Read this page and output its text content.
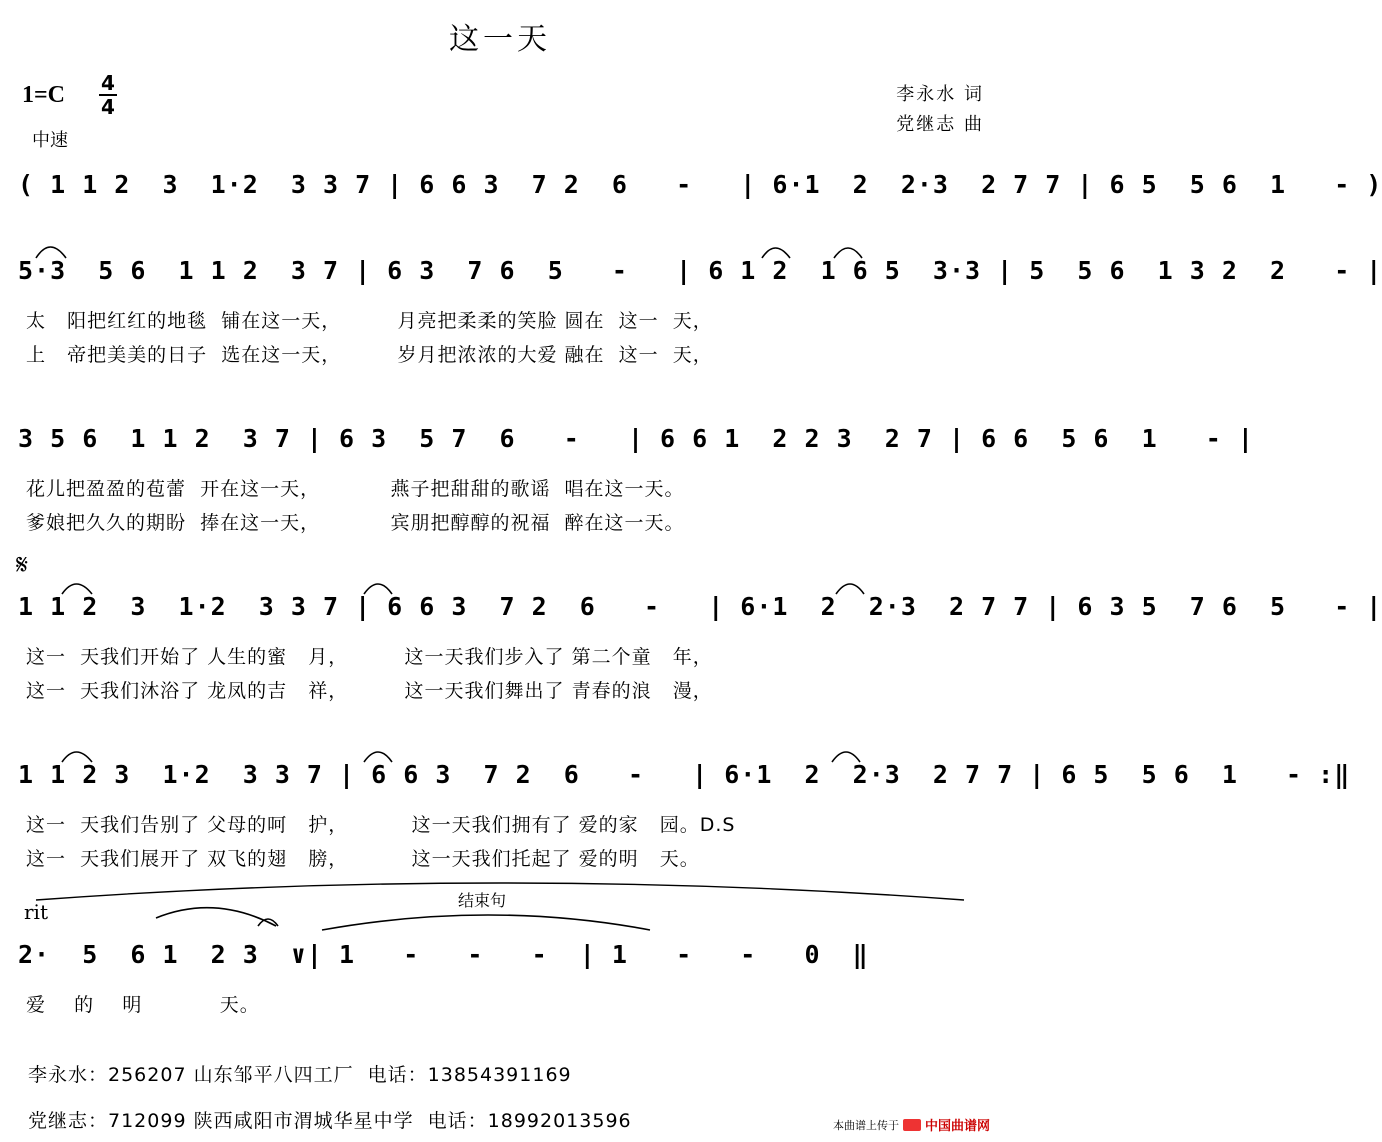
这一天
1=C 4
4
中速
李永水 词
党继志 曲
( 1 1 2  3  1·2  3 3 7 | 6 6 3  7 2  6   -   | 6·1  2  2·3  2 7 7 | 6 5  5 6  1   - )
5·3  5 6  1 1 2  3 7 | 6 3  7 6  5   -   | 6 1 2  1 6 5  3·3 | 5  5 6  1 3 2  2   - |
太   阳把红红的地毯  铺在这一天，        月亮把柔柔的笑脸 圆在  这一  天，
上   帝把美美的日子  选在这一天，        岁月把浓浓的大爱 融在  这一  天，
3 5 6  1 1 2  3 7 | 6 3  5 7  6   -   | 6 6 1  2 2 3  2 7 | 6 6  5 6  1   - |
花儿把盈盈的苞蕾  开在这一天，          燕子把甜甜的歌谣  唱在这一天。
爹娘把久久的期盼  捧在这一天，          宾朋把醇醇的祝福  醉在这一天。
𝄋
1 1 2  3  1·2  3 3 7 | 6 6 3  7 2  6   -   | 6·1  2  2·3  2 7 7 | 6 3 5  7 6  5   - |
这一  天我们开始了 人生的蜜   月，        这一天我们步入了 第二个童   年，
这一  天我们沐浴了 龙凤的吉   祥，        这一天我们舞出了 青春的浪   漫，
1 1 2 3  1·2  3 3 7 | 6 6 3  7 2  6   -   | 6·1  2  2·3  2 7 7 | 6 5  5 6  1   - :‖
这一  天我们告别了 父母的呵   护，         这一天我们拥有了 爱的家   园。D.S
这一  天我们展开了 双飞的翅   膀，         这一天我们托起了 爱的明   天。
rit	结束句
2·  5  6 1  2 3  ∨| 1   -   -   -  | 1   -   -   0  ‖
爱    的    明           天。
李永水：256207 山东邹平八四工厂  电话：13854391169
党继志：712099 陕西咸阳市渭城华星中学  电话：18992013596	本曲谱上传于 中国曲谱网
